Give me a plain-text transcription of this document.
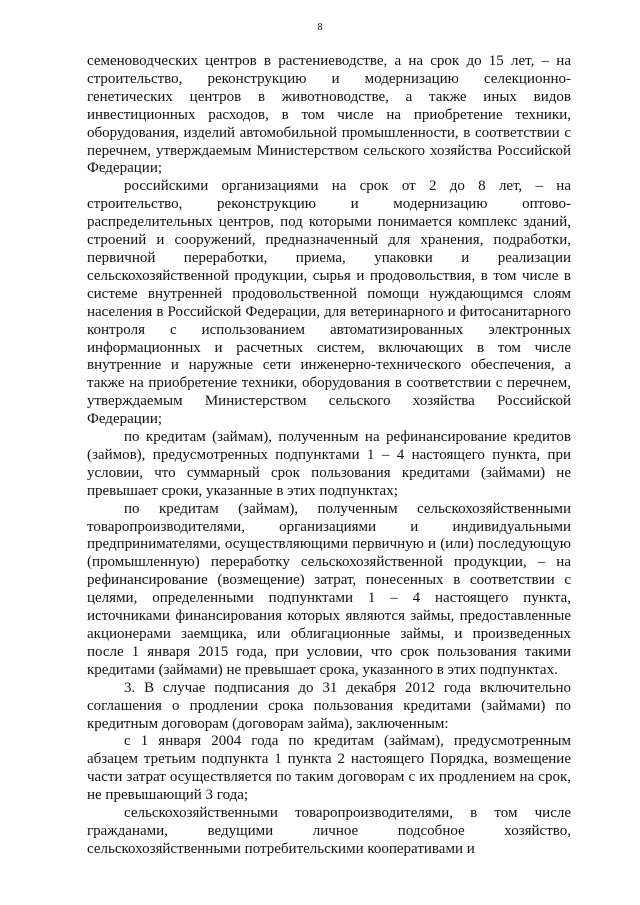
8

семеноводческих центров в растениеводстве, а на срок до 15 лет, – на строительство, реконструкцию и модернизацию селекционно-генетических центров в животноводстве, а также иных видов инвестиционных расходов, в том числе на приобретение техники, оборудования, изделий автомобильной промышленности, в соответствии с перечнем, утверждаемым Министерством сельского хозяйства Российской Федерации;

российскими организациями на срок от 2 до 8 лет, – на строительство, реконструкцию и модернизацию оптово-распределительных центров, под которыми понимается комплекс зданий, строений и сооружений, предназначенный для хранения, подработки, первичной переработки, приема, упаковки и реализации сельскохозяйственной продукции, сырья и продовольствия, в том числе в системе внутренней продовольственной помощи нуждающимся слоям населения в Российской Федерации, для ветеринарного и фитосанитарного контроля с использованием автоматизированных электронных информационных и расчетных систем, включающих в том числе внутренние и наружные сети инженерно-технического обеспечения, а также на приобретение техники, оборудования в соответствии с перечнем, утверждаемым Министерством сельского хозяйства Российской Федерации;

по кредитам (займам), полученным на рефинансирование кредитов (займов), предусмотренных подпунктами 1 – 4 настоящего пункта, при условии, что суммарный срок пользования кредитами (займами) не превышает сроки, указанные в этих подпунктах;

по кредитам (займам), полученным сельскохозяйственными товаропроизводителями, организациями и индивидуальными предпринимателями, осуществляющими первичную и (или) последующую (промышленную) переработку сельскохозяйственной продукции, – на рефинансирование (возмещение) затрат, понесенных в соответствии с целями, определенными подпунктами 1 – 4 настоящего пункта, источниками финансирования которых являются займы, предоставленные акционерами заемщика, или облигационные займы, и произведенных после 1 января 2015 года, при условии, что срок пользования такими кредитами (займами) не превышает срока, указанного в этих подпунктах.

3. В случае подписания до 31 декабря 2012 года включительно соглашения о продлении срока пользования кредитами (займами) по кредитным договорам (договорам займа), заключенным:

с 1 января 2004 года по кредитам (займам), предусмотренным абзацем третьим подпункта 1 пункта 2 настоящего Порядка, возмещение части затрат осуществляется по таким договорам с их продлением на срок, не превышающий 3 года;

сельскохозяйственными товаропроизводителями, в том числе гражданами, ведущими личное подсобное хозяйство, сельскохозяйственными потребительскими кооперативами и
